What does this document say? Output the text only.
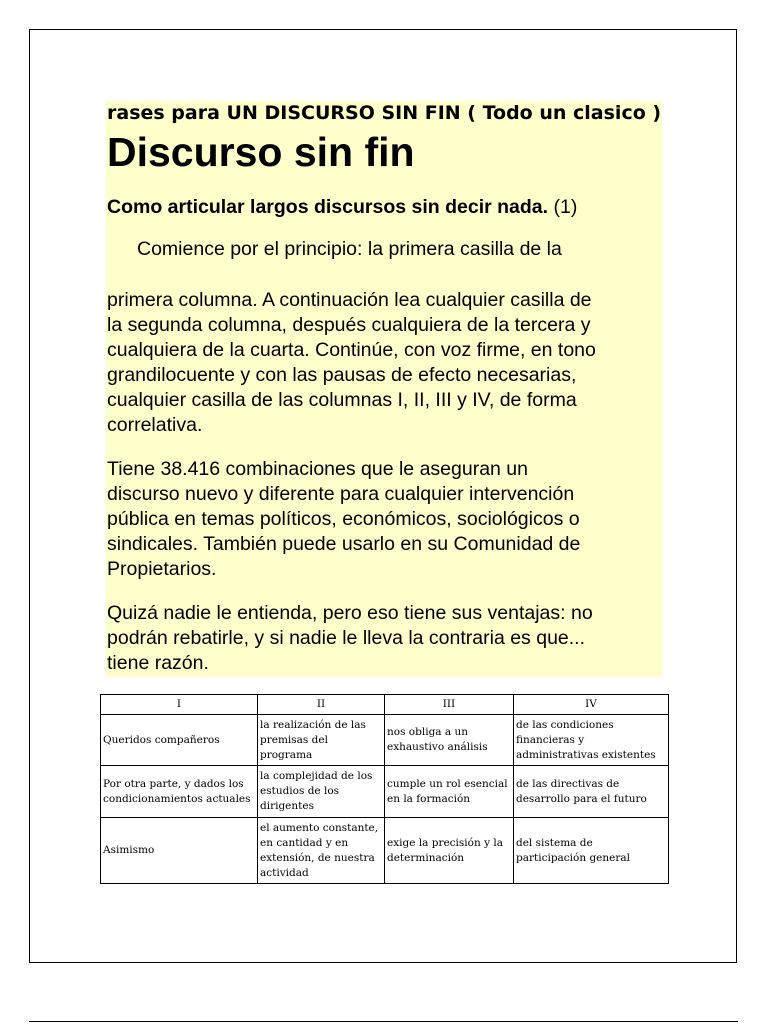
rases para UN DISCURSO SIN FIN ( Todo un clasico )
Discurso sin fin
Como articular largos discursos sin decir nada. (1)
Comience por el principio: la primera casilla de la
primera columna. A continuación lea cualquier casilla de
la segunda columna, después cualquiera de la tercera y
cualquiera de la cuarta. Continúe, con voz firme, en tono
grandilocuente y con las pausas de efecto necesarias,
cualquier casilla de las columnas I, II, III y IV, de forma
correlativa.
Tiene 38.416 combinaciones que le aseguran un
discurso nuevo y diferente para cualquier intervención
pública en temas políticos, económicos, sociológicos o
sindicales. También puede usarlo en su Comunidad de
Propietarios.
Quizá nadie le entienda, pero eso tiene sus ventajas: no
podrán rebatirle, y si nadie le lleva la contraria es que...
tiene razón.
I	II	III	IV
Queridos compañeros	la realización de las premisas del programa	nos obliga a un exhaustivo análisis	de las condiciones financieras y administrativas existentes
Por otra parte, y dados los condicionamientos actuales	la complejidad de los estudios de los dirigentes	cumple un rol esencial en la formación	de las directivas de desarrollo para el futuro
Asimismo	el aumento constante, en cantidad y en extensión, de nuestra actividad	exige la precisión y la determinación	del sistema de participación general
